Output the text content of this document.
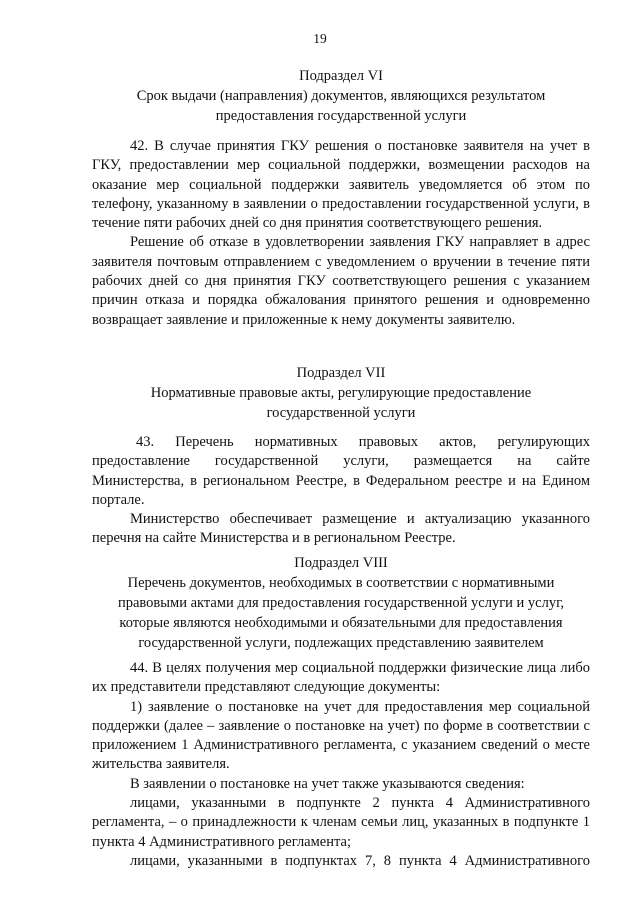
19
Подраздел VI
Срок выдачи (направления) документов, являющихся результатом
предоставления государственной услуги

42. В случае принятия ГКУ решения о постановке заявителя на учет в ГКУ, предоставлении мер социальной поддержки, возмещении расходов на оказание мер социальной поддержки заявитель уведомляется об этом по телефону, указанному в заявлении о предоставлении государственной услуги, в течение пяти рабочих дней со дня принятия соответствующего решения.

Решение об отказе в удовлетворении заявления ГКУ направляет в адрес заявителя почтовым отправлением с уведомлением о вручении в течение пяти рабочих дней со дня принятия ГКУ соответствующего решения с указанием причин отказа и порядка обжалования принятого решения и одновременно возвращает заявление и приложенные к нему документы заявителю.

Подраздел VII
Нормативные правовые акты, регулирующие предоставление
государственной услуги
43. Перечень нормативных правовых актов, регулирующих
предоставление государственной услуги, размещается на сайте
Министерства, в региональном Реестре, в Федеральном реестре и на Едином
портале.

Министерство обеспечивает размещение и актуализацию указанного перечня на сайте Министерства и в региональном Реестре.

Подраздел VIII
Перечень документов, необходимых в соответствии с нормативными
правовыми актами для предоставления государственной услуги и услуг,
которые являются необходимыми и обязательными для предоставления
государственной услуги, подлежащих представлению заявителем

44. В целях получения мер социальной поддержки физические лица либо их представители представляют следующие документы:

1) заявление о постановке на учет для предоставления мер социальной поддержки (далее – заявление о постановке на учет) по форме в соответствии с приложением 1 Административного регламента, с указанием сведений о месте жительства заявителя.

В заявлении о постановке на учет также указываются сведения:

лицами, указанными в подпункте 2 пункта 4 Административного регламента, – о принадлежности к членам семьи лиц, указанных в подпункте 1 пункта 4 Административного регламента;

лицами, указанными в подпунктах 7, 8 пункта 4 Административного
